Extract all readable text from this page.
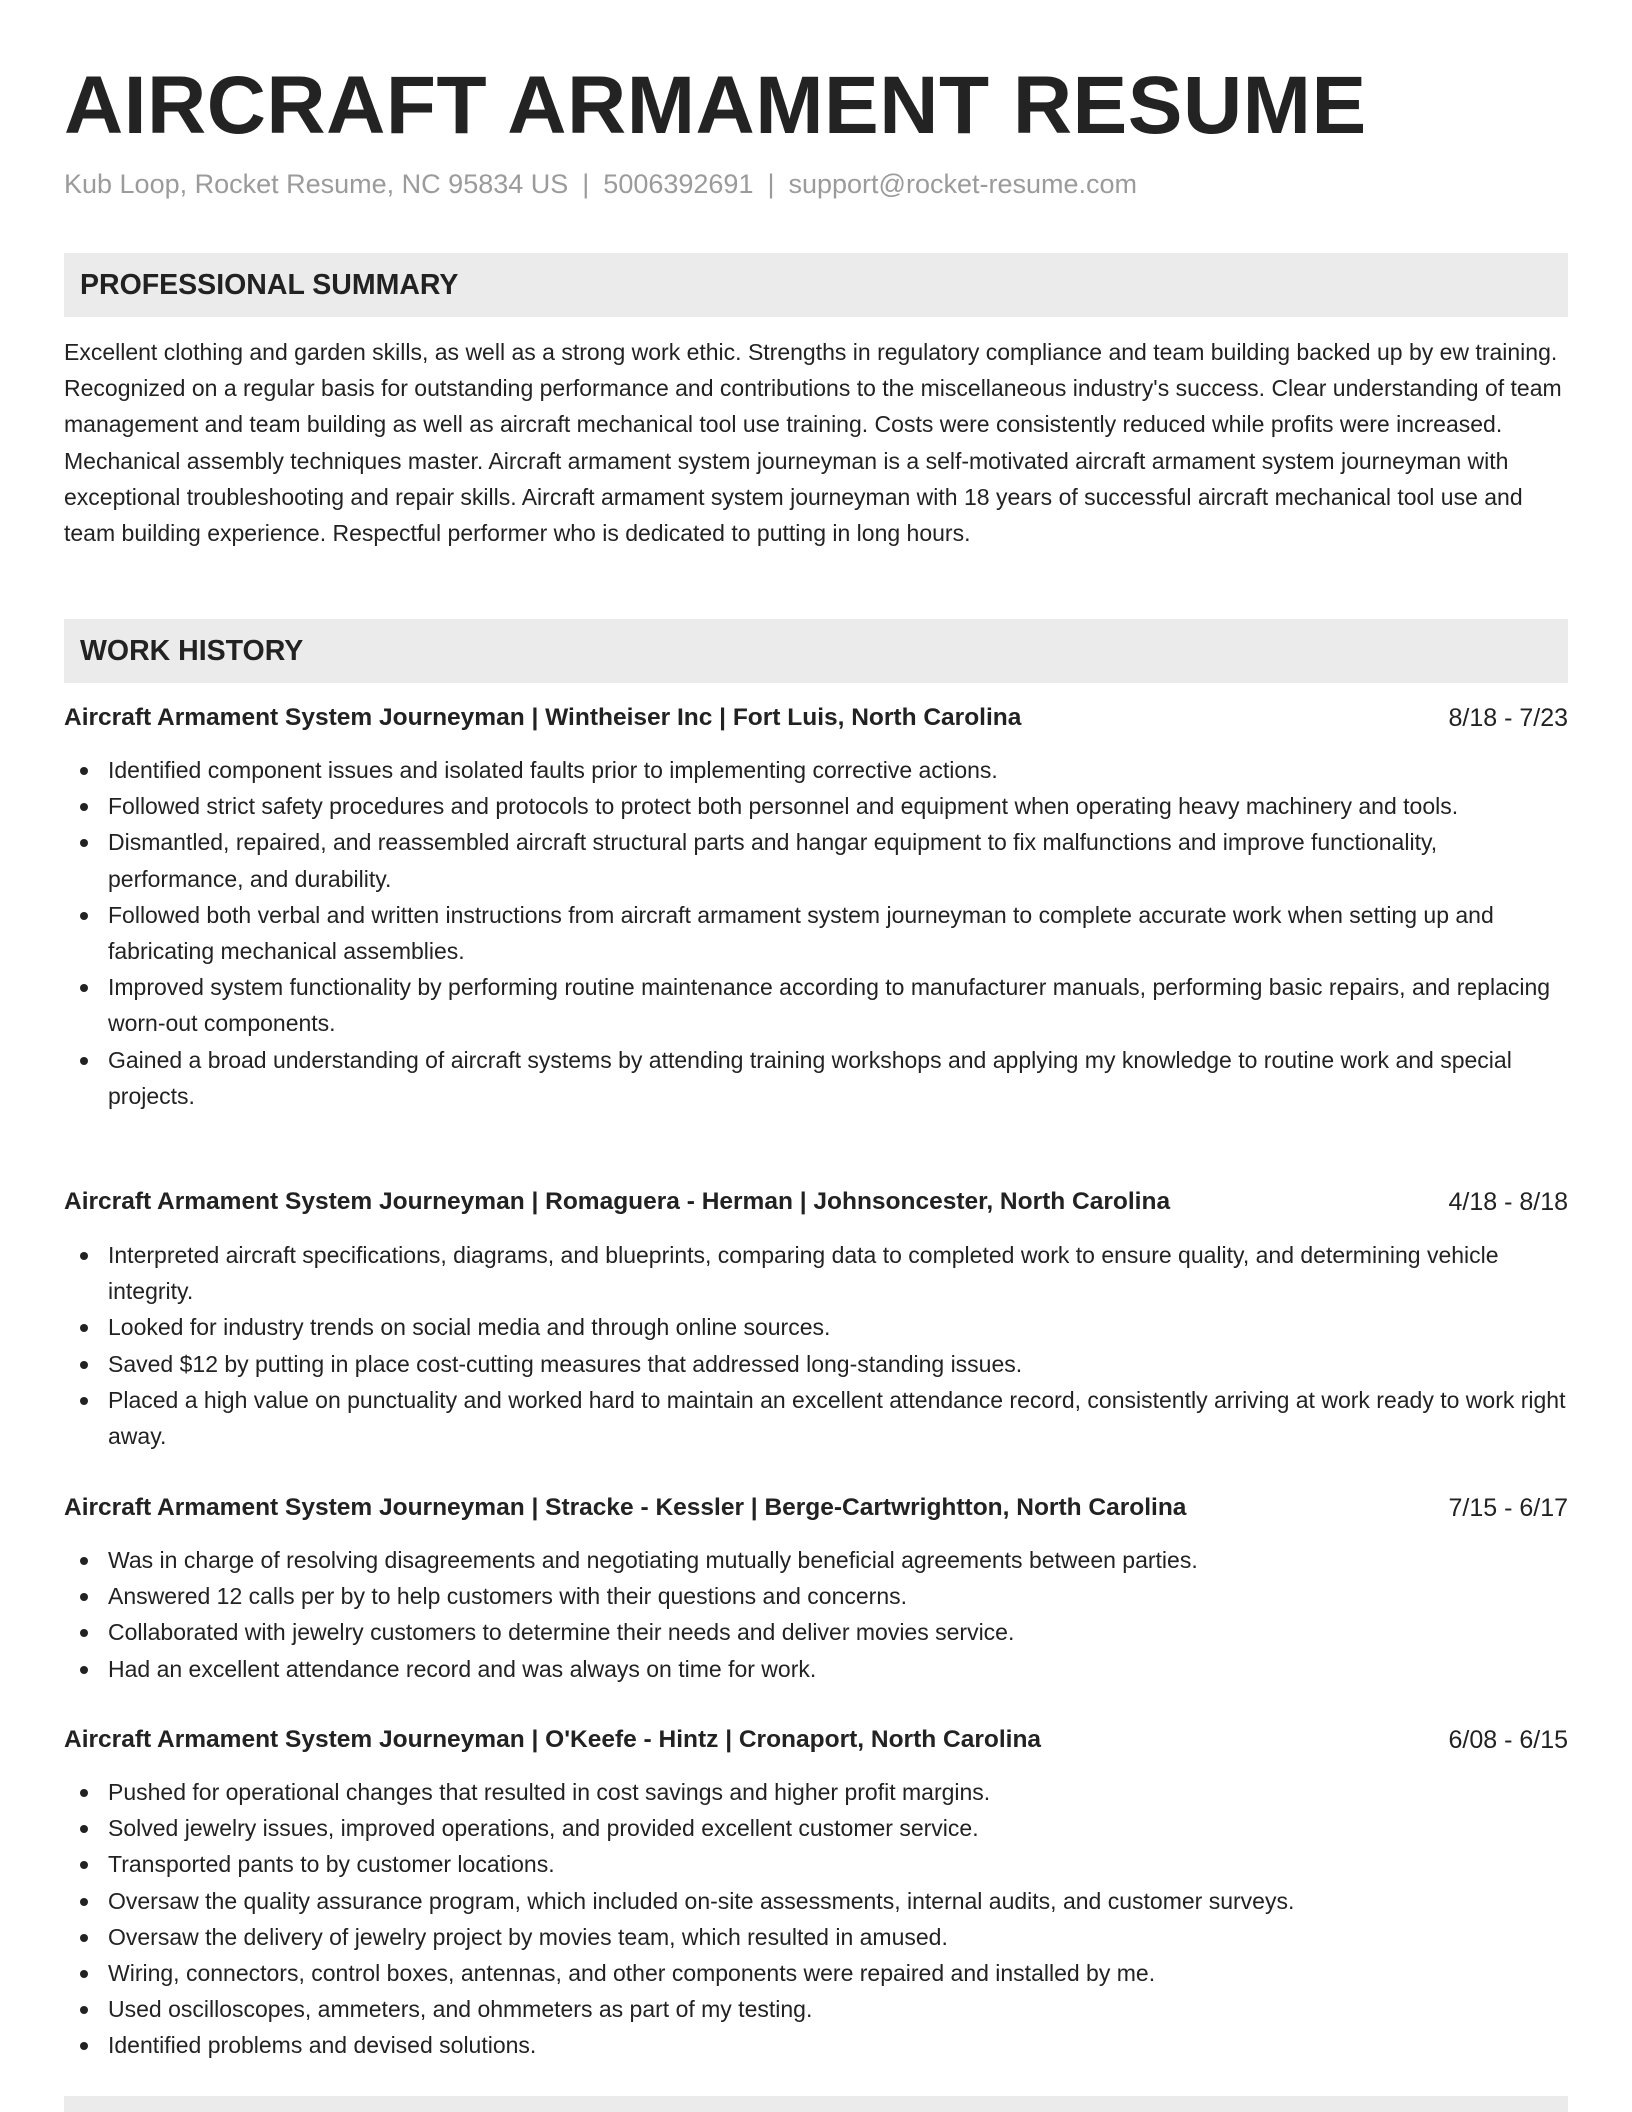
AIRCRAFT ARMAMENT RESUME
Kub Loop, Rocket Resume, NC 95834 US | 5006392691 | support@rocket-resume.com
PROFESSIONAL SUMMARY

Excellent clothing and garden skills, as well as a strong work ethic. Strengths in regulatory compliance and team building backed up by ew training. Recognized on a regular basis for outstanding performance and contributions to the miscellaneous industry's success. Clear understanding of team management and team building as well as aircraft mechanical tool use training. Costs were consistently reduced while profits were increased. Mechanical assembly techniques master. Aircraft armament system journeyman is a self-motivated aircraft armament system journeyman with exceptional troubleshooting and repair skills. Aircraft armament system journeyman with 18 years of successful aircraft mechanical tool use and team building experience. Respectful performer who is dedicated to putting in long hours.

WORK HISTORY
Aircraft Armament System Journeyman | Wintheiser Inc | Fort Luis, North Carolina	8/18 - 7/23
Identified component issues and isolated faults prior to implementing corrective actions.
Followed strict safety procedures and protocols to protect both personnel and equipment when operating heavy machinery and tools.
Dismantled, repaired, and reassembled aircraft structural parts and hangar equipment to fix malfunctions and improve functionality, performance, and durability.
Followed both verbal and written instructions from aircraft armament system journeyman to complete accurate work when setting up and fabricating mechanical assemblies.
Improved system functionality by performing routine maintenance according to manufacturer manuals, performing basic repairs, and replacing worn-out components.
Gained a broad understanding of aircraft systems by attending training workshops and applying my knowledge to routine work and special projects.
Aircraft Armament System Journeyman | Romaguera - Herman | Johnsoncester, North Carolina	4/18 - 8/18
Interpreted aircraft specifications, diagrams, and blueprints, comparing data to completed work to ensure quality, and determining vehicle integrity.
Looked for industry trends on social media and through online sources.
Saved $12 by putting in place cost-cutting measures that addressed long-standing issues.
Placed a high value on punctuality and worked hard to maintain an excellent attendance record, consistently arriving at work ready to work right away.
Aircraft Armament System Journeyman | Stracke - Kessler | Berge-Cartwrightton, North Carolina	7/15 - 6/17
Was in charge of resolving disagreements and negotiating mutually beneficial agreements between parties.
Answered 12 calls per by to help customers with their questions and concerns.
Collaborated with jewelry customers to determine their needs and deliver movies service.
Had an excellent attendance record and was always on time for work.
Aircraft Armament System Journeyman | O'Keefe - Hintz | Cronaport, North Carolina	6/08 - 6/15
Pushed for operational changes that resulted in cost savings and higher profit margins.
Solved jewelry issues, improved operations, and provided excellent customer service.
Transported pants to by customer locations.
Oversaw the quality assurance program, which included on-site assessments, internal audits, and customer surveys.
Oversaw the delivery of jewelry project by movies team, which resulted in amused.
Wiring, connectors, control boxes, antennas, and other components were repaired and installed by me.
Used oscilloscopes, ammeters, and ohmmeters as part of my testing.
Identified problems and devised solutions.
